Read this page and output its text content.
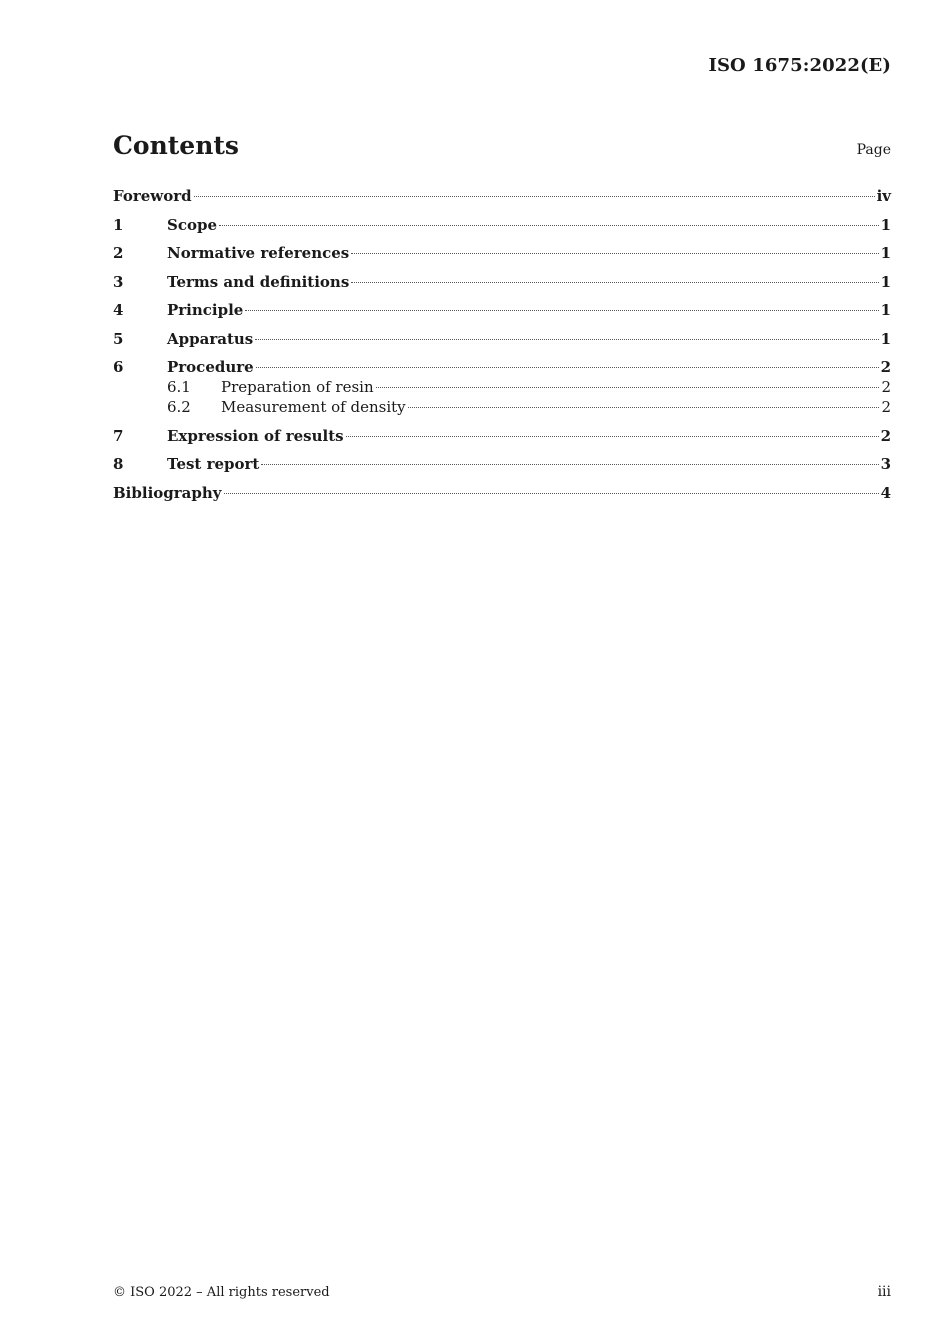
ISO 1675:2022(E)
Contents	Page
Foreword	iv
1	Scope	1
2	Normative references	1
3	Terms and definitions	1
4	Principle	1
5	Apparatus	1
6	Procedure	2
6.1	Preparation of resin	2
6.2	Measurement of density	2
7	Expression of results	2
8	Test report	3
Bibliography	4
© ISO 2022 – All rights reserved	iii
